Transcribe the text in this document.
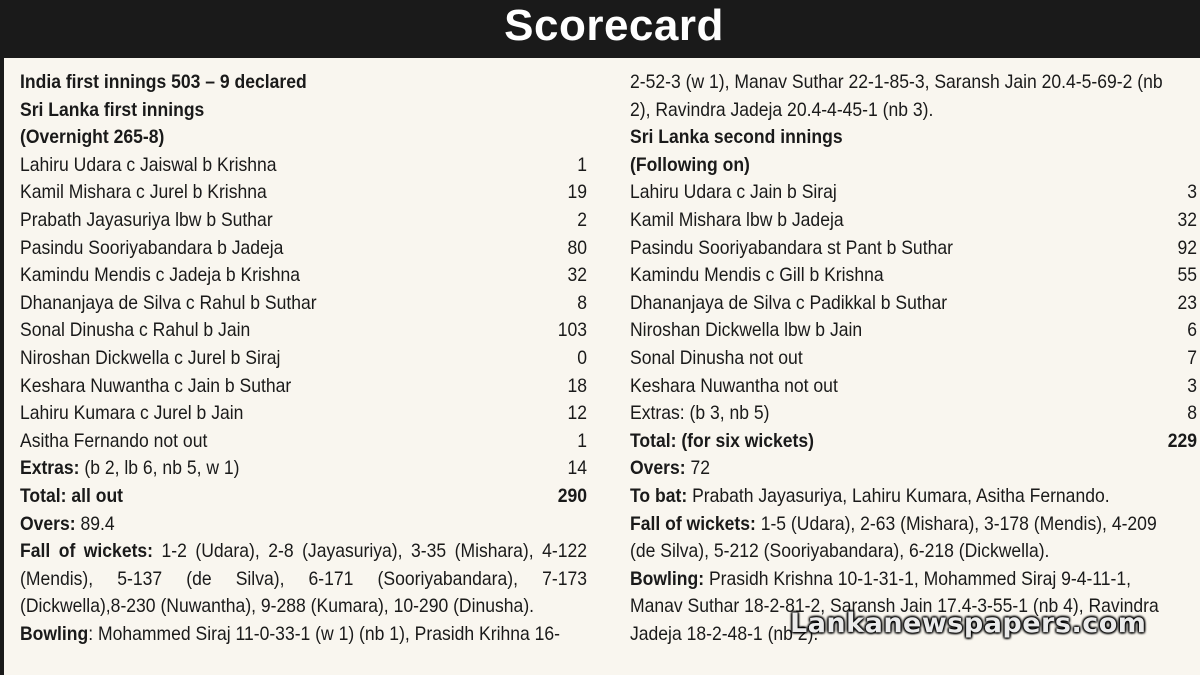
Scorecard
India first innings 503 – 9 declared
Sri Lanka first innings
(Overnight 265-8)
Lahiru Udara c Jaiswal b Krishna	1
Kamil Mishara c Jurel b Krishna	19
Prabath Jayasuriya lbw b Suthar	2
Pasindu Sooriyabandara b Jadeja	80
Kamindu Mendis c Jadeja b Krishna	32
Dhananjaya de Silva c Rahul b Suthar	8
Sonal Dinusha c Rahul b Jain	103
Niroshan Dickwella c Jurel b Siraj	0
Keshara Nuwantha c Jain b Suthar	18
Lahiru Kumara c Jurel b Jain	12
Asitha Fernando not out	1
Extras: (b 2, lb 6, nb 5, w 1)	14
Total: all out	290
Overs: 89.4
Fall of wickets: 1-2 (Udara), 2-8 (Jayasuriya), 3-35 (Mishara), 4-122
(Mendis), 5-137 (de Silva), 6-171 (Sooriyabandara), 7-173
(Dickwella),8-230 (Nuwantha), 9-288 (Kumara), 10-290 (Dinusha).
Bowling: Mohammed Siraj 11-0-33-1 (w 1) (nb 1), Prasidh Krihna 16-
2-52-3 (w 1), Manav Suthar 22-1-85-3, Saransh Jain 20.4-5-69-2 (nb
2), Ravindra Jadeja 20.4-4-45-1 (nb 3).
Sri Lanka second innings
(Following on)
Lahiru Udara c Jain b Siraj	3
Kamil Mishara lbw b Jadeja	32
Pasindu Sooriyabandara st Pant b Suthar	92
Kamindu Mendis c Gill b Krishna	55
Dhananjaya de Silva c Padikkal b Suthar	23
Niroshan Dickwella lbw b Jain	6
Sonal Dinusha not out	7
Keshara Nuwantha not out	3
Extras: (b 3, nb 5)	8
Total: (for six wickets)	229
Overs: 72
To bat: Prabath Jayasuriya, Lahiru Kumara, Asitha Fernando.
Fall of wickets: 1-5 (Udara), 2-63 (Mishara), 3-178 (Mendis), 4-209
(de Silva), 5-212 (Sooriyabandara), 6-218 (Dickwella).
Bowling: Prasidh Krishna 10-1-31-1, Mohammed Siraj 9-4-11-1,
Manav Suthar 18-2-81-2, Saransh Jain 17.4-3-55-1 (nb 4), Ravindra
Jadeja 18-2-48-1 (nb 2).
Lankanewspapers.com
